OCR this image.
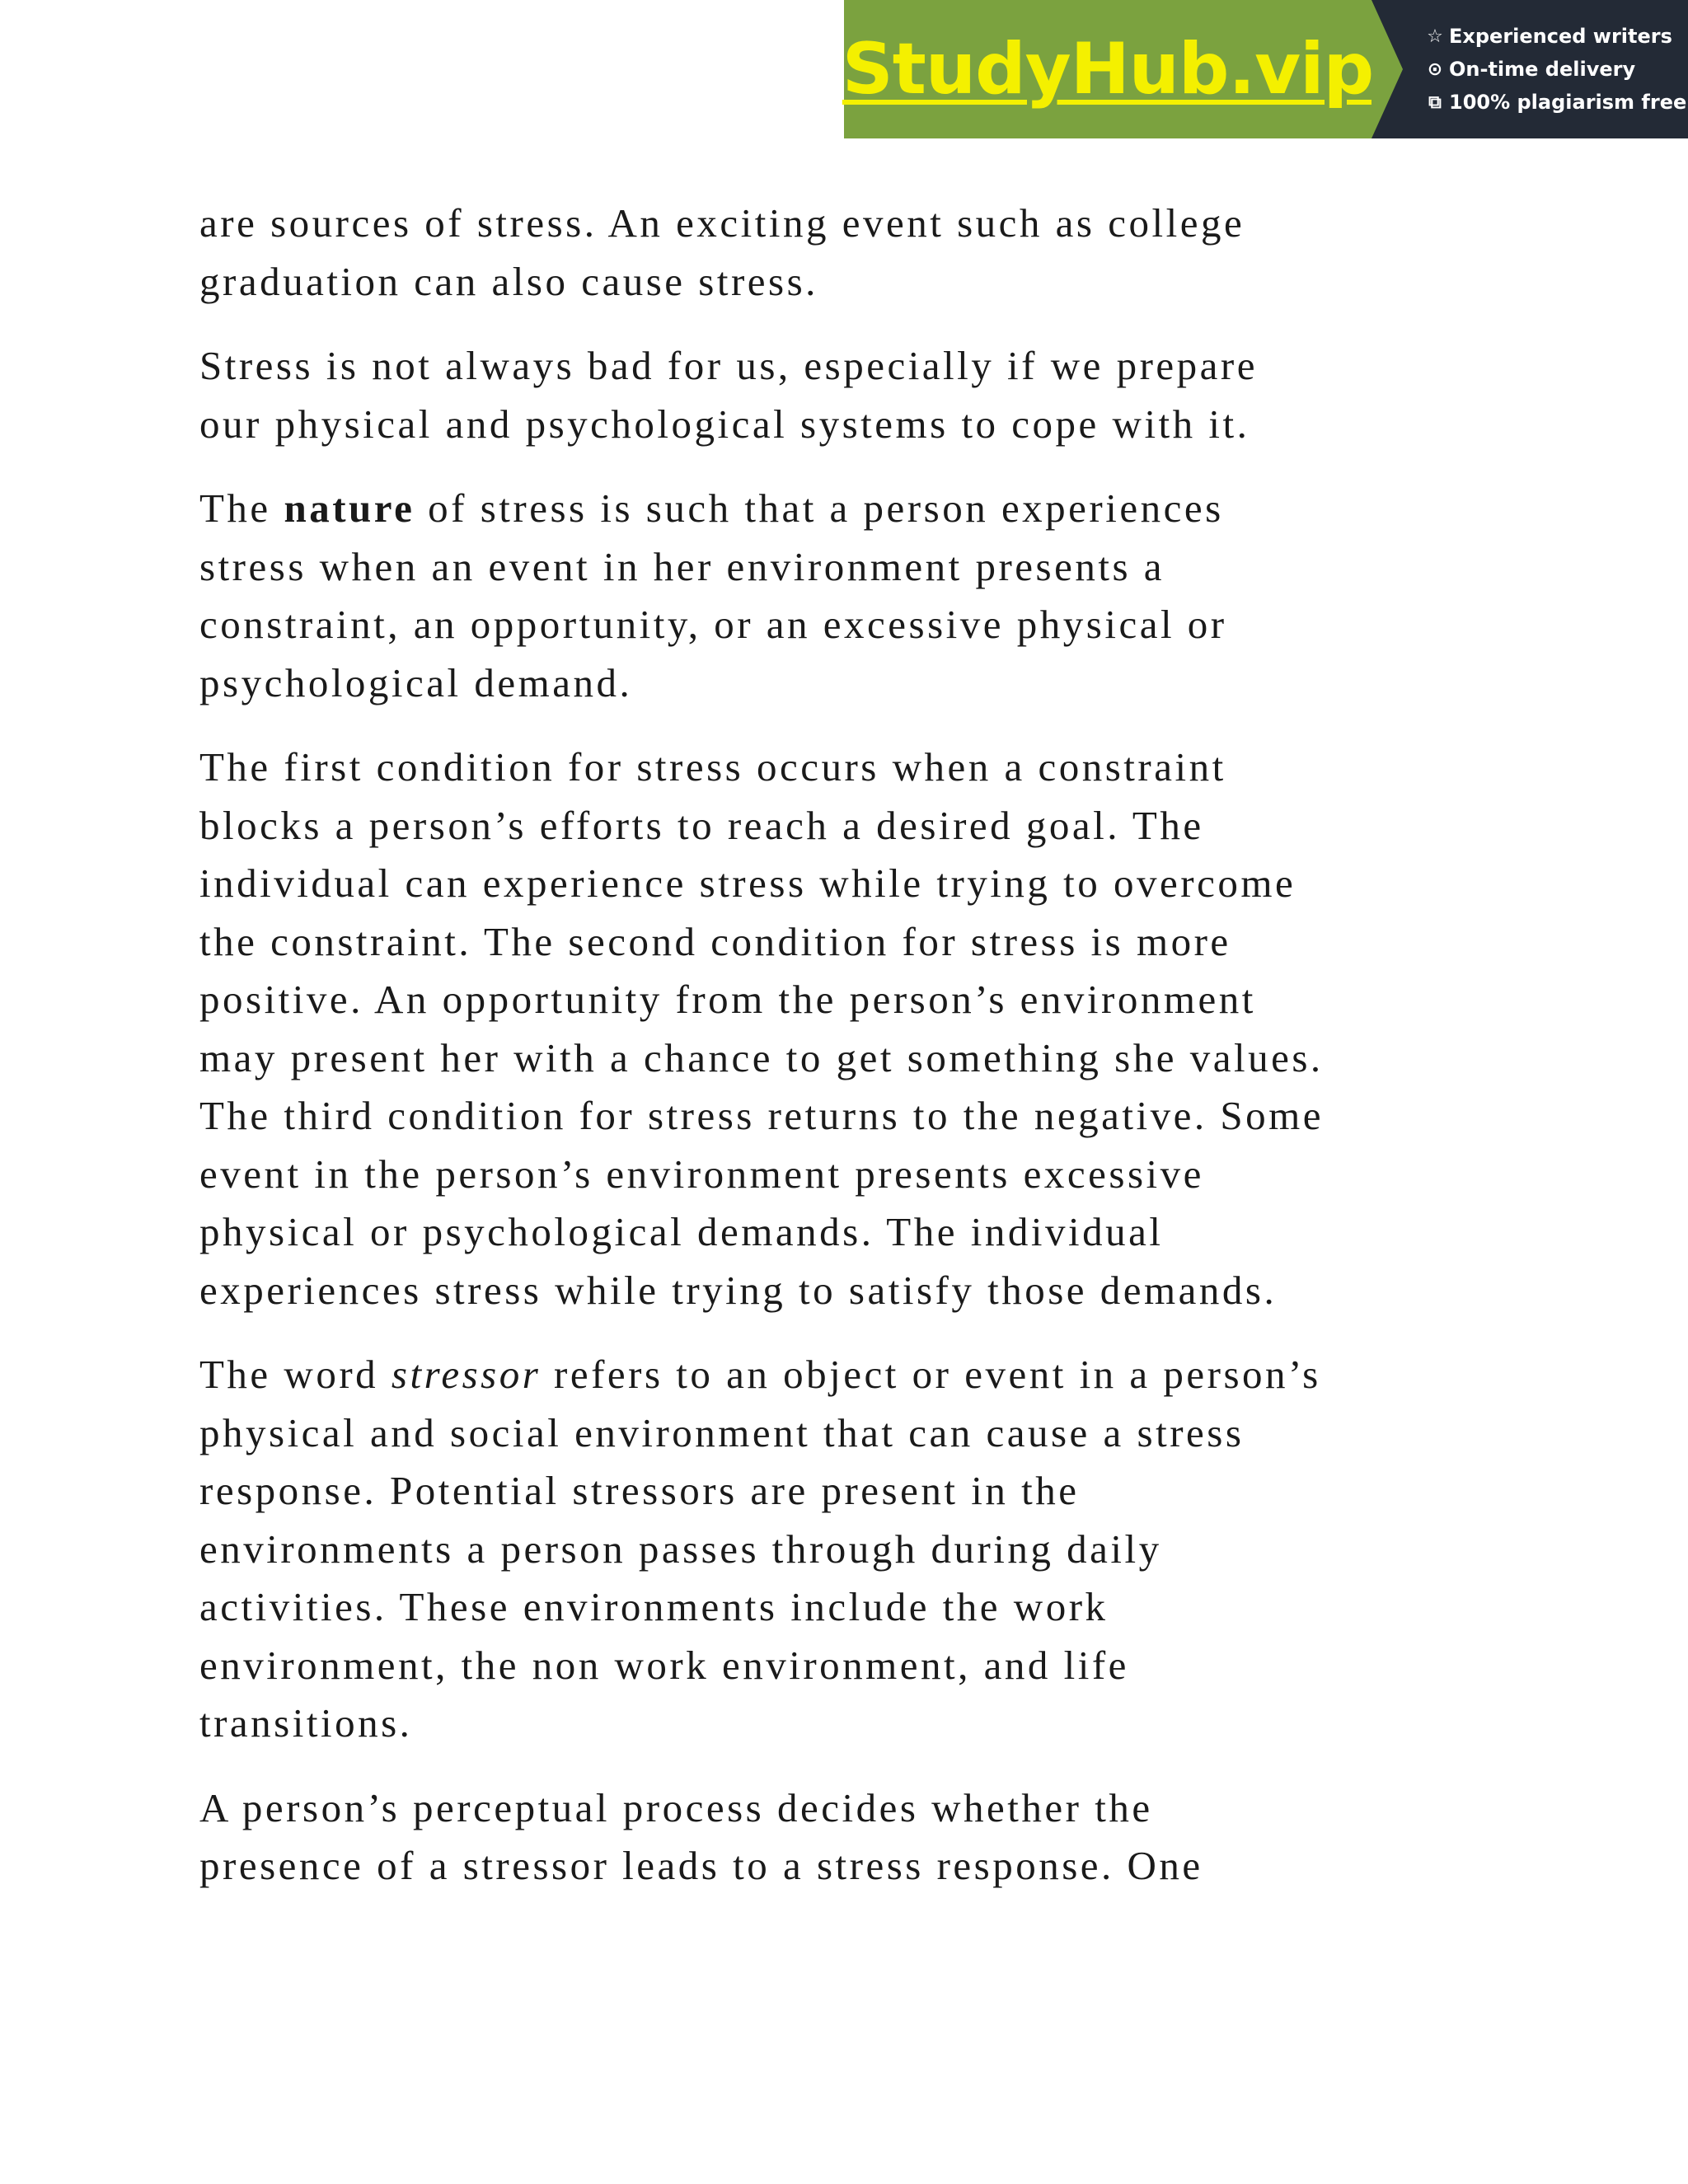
StudyHub.vip	☆ Experienced writers
⊙ On-time delivery
⧉ 100% plagiarism free

are sources of stress. An exciting event such as college
graduation can also cause stress.

Stress is not always bad for us, especially if we prepare
our physical and psychological systems to cope with it.

The nature of stress is such that a person experiences
stress when an event in her environment presents a
constraint, an opportunity, or an excessive physical or
psychological demand.

The first condition for stress occurs when a constraint
blocks a person’s efforts to reach a desired goal. The
individual can experience stress while trying to overcome
the constraint. The second condition for stress is more
positive. An opportunity from the person’s environment
may present her with a chance to get something she values.
The third condition for stress returns to the negative. Some
event in the person’s environment presents excessive
physical or psychological demands. The individual
experiences stress while trying to satisfy those demands.

The word stressor refers to an object or event in a person’s
physical and social environment that can cause a stress
response. Potential stressors are present in the
environments a person passes through during daily
activities. These environments include the work
environment, the non work environment, and life
transitions.

A person’s perceptual process decides whether the
presence of a stressor leads to a stress response. One
